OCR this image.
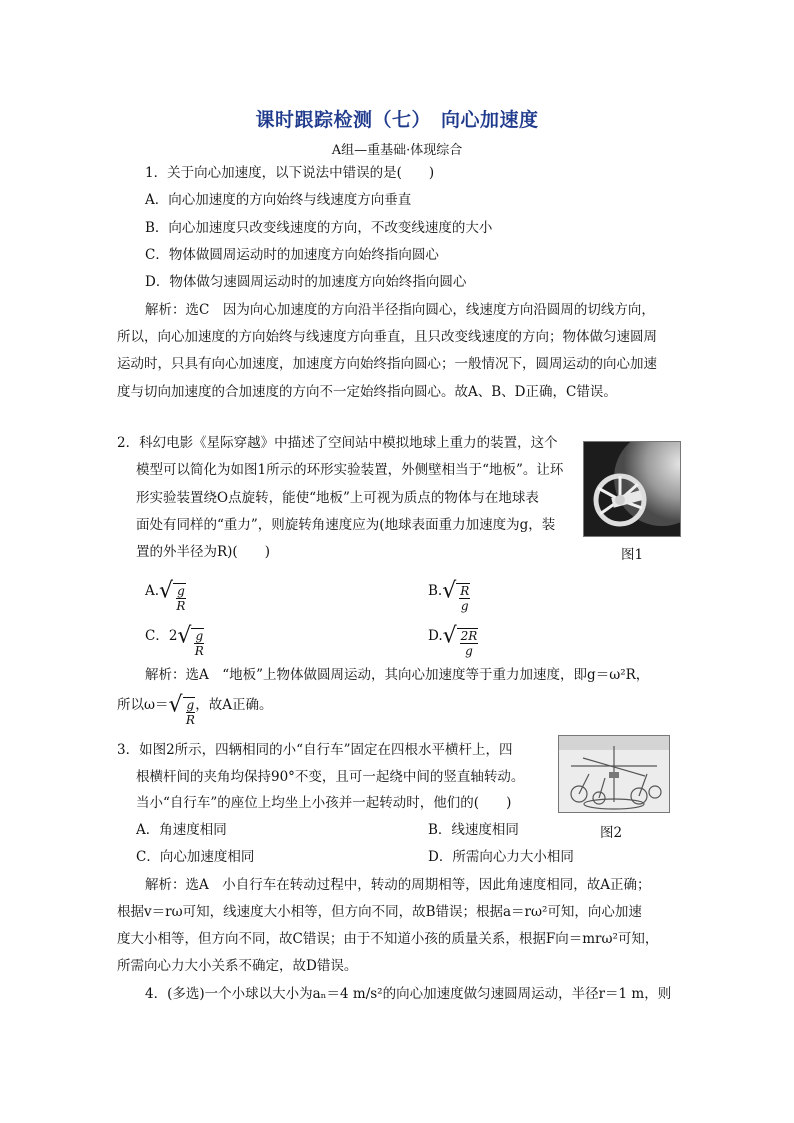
课时跟踪检测（七）　向心加速度
A组—重基础·体现综合
1．关于向心加速度，以下说法中错误的是(　　)
A．向心加速度的方向始终与线速度方向垂直
B．向心加速度只改变线速度的方向，不改变线速度的大小
C．物体做圆周运动时的加速度方向始终指向圆心
D．物体做匀速圆周运动时的加速度方向始终指向圆心
解析：选C　因为向心加速度的方向沿半径指向圆心，线速度方向沿圆周的切线方向，
所以，向心加速度的方向始终与线速度方向垂直，且只改变线速度的方向；物体做匀速圆周
运动时，只具有向心加速度，加速度方向始终指向圆心；一般情况下，圆周运动的向心加速
度与切向加速度的合加速度的方向不一定始终指向圆心。故A、B、D正确，C错误。
2．科幻电影《星际穿越》中描述了空间站中模拟地球上重力的装置，这个
模型可以简化为如图1所示的环形实验装置，外侧壁相当于“地板”。让环
形实验装置绕O点旋转，能使“地板”上可视为质点的物体与在地球表
面处有同样的“重力”，则旋转角速度应为(地球表面重力加速度为g，装
置的外半径为R)(　　)	图1
$A.√ \frac{g}{R}$	$B.√ \frac{R}{g}$
C．$2√ \frac{g}{R}$	$D.√ \frac{2R}{g}$
解析：选A　“地板”上物体做圆周运动，其向心加速度等于重力加速度，即g＝ω²R，
所以$\omega=√ \frac{g}{R}$ ，故A正确。
3．如图2所示，四辆相同的小“自行车”固定在四根水平横杆上，四
根横杆间的夹角均保持90°不变，且可一起绕中间的竖直轴转动。
当小“自行车”的座位上均坐上小孩并一起转动时，他们的(　　)
A．角速度相同	B．线速度相同	图2
C．向心加速度相同	D．所需向心力大小相同
解析：选A　小自行车在转动过程中，转动的周期相等，因此角速度相同，故A正确；
根据v＝rω可知，线速度大小相等，但方向不同，故B错误；根据a＝rω²可知，向心加速
度大小相等，但方向不同，故C错误；由于不知道小孩的质量关系，根据F向＝mrω²可知，
所需向心力大小关系不确定，故D错误。
4．(多选)一个小球以大小为aₙ＝4 m/s²的向心加速度做匀速圆周运动，半径r＝1 m，则
